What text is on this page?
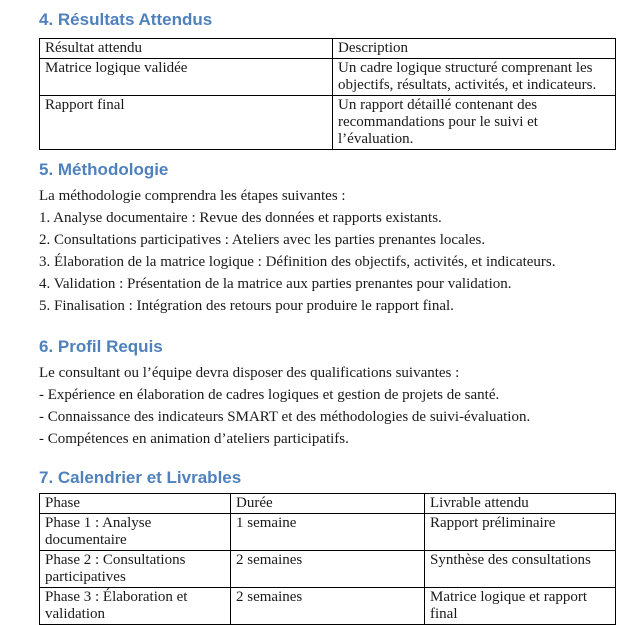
4. Résultats Attendus
Résultat attendu	Description
Matrice logique validée	Un cadre logique structuré comprenant les objectifs, résultats, activités, et indicateurs.
Rapport final	Un rapport détaillé contenant des recommandations pour le suivi et l’évaluation.
5. Méthodologie

La méthodologie comprendra les étapes suivantes :

1. Analyse documentaire : Revue des données et rapports existants.

2. Consultations participatives : Ateliers avec les parties prenantes locales.

3. Élaboration de la matrice logique : Définition des objectifs, activités, et indicateurs.

4. Validation : Présentation de la matrice aux parties prenantes pour validation.

5. Finalisation : Intégration des retours pour produire le rapport final.

6. Profil Requis

Le consultant ou l’équipe devra disposer des qualifications suivantes :

- Expérience en élaboration de cadres logiques et gestion de projets de santé.

- Connaissance des indicateurs SMART et des méthodologies de suivi-évaluation.

- Compétences en animation d’ateliers participatifs.

7. Calendrier et Livrables
Phase	Durée	Livrable attendu
Phase 1 : Analyse documentaire	1 semaine	Rapport préliminaire
Phase 2 : Consultations participatives	2 semaines	Synthèse des consultations
Phase 3 : Élaboration et validation	2 semaines	Matrice logique et rapport final
